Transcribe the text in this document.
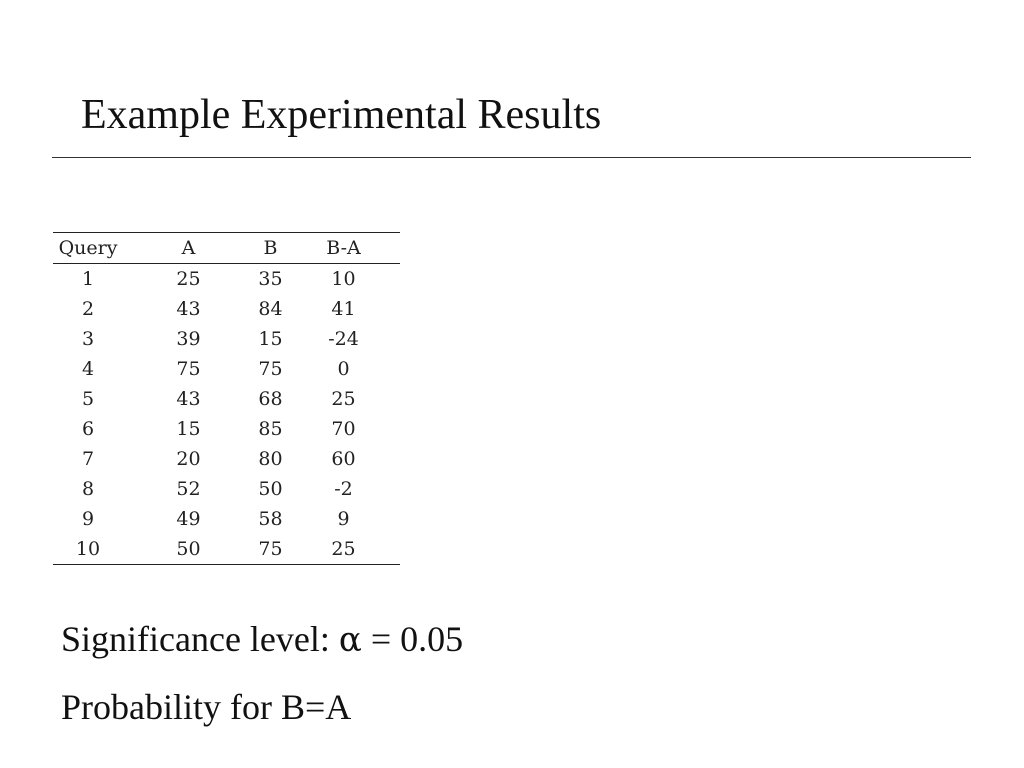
Example Experimental Results
Query	A	B	B-A
1	25	35	10
2	43	84	41
3	39	15	-24
4	75	75	0
5	43	68	25
6	15	85	70
7	20	80	60
8	52	50	-2
9	49	58	9
10	50	75	25

Significance level: α = 0.05

Probability for B=A
